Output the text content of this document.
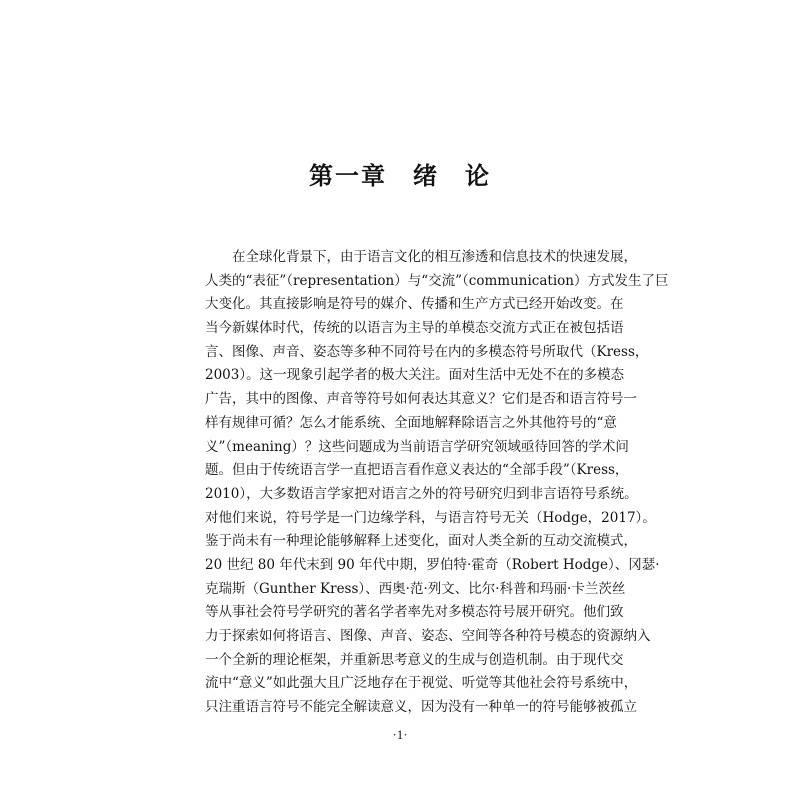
第一章　绪　论
在全球化背景下，由于语言文化的相互渗透和信息技术的快速发展，
人类的“表征”（representation）与“交流”（communication）方式发生了巨
大变化。其直接影响是符号的媒介、传播和生产方式已经开始改变。在
当今新媒体时代，传统的以语言为主导的单模态交流方式正在被包括语
言、图像、声音、姿态等多种不同符号在内的多模态符号所取代（Kress，
2003）。这一现象引起学者的极大关注。面对生活中无处不在的多模态
广告，其中的图像、声音等符号如何表达其意义？它们是否和语言符号一
样有规律可循？怎么才能系统、全面地解释除语言之外其他符号的“意
义”（meaning）？这些问题成为当前语言学研究领域亟待回答的学术问
题。但由于传统语言学一直把语言看作意义表达的“全部手段”（Kress，
2010），大多数语言学家把对语言之外的符号研究归到非言语符号系统。
对他们来说，符号学是一门边缘学科，与语言符号无关（Hodge，2017）。
鉴于尚未有一种理论能够解释上述变化，面对人类全新的互动交流模式，
20 世纪 80 年代末到 90 年代中期，罗伯特·霍奇（Robert Hodge）、冈瑟·
克瑞斯（Gunther Kress）、西奥·范·列文、比尔·科普和玛丽·卡兰茨丝
等从事社会符号学研究的著名学者率先对多模态符号展开研究。他们致
力于探索如何将语言、图像、声音、姿态、空间等各种符号模态的资源纳入
一个全新的理论框架，并重新思考意义的生成与创造机制。由于现代交
流中“意义”如此强大且广泛地存在于视觉、听觉等其他社会符号系统中，
只注重语言符号不能完全解读意义，因为没有一种单一的符号能够被孤立
·1·
